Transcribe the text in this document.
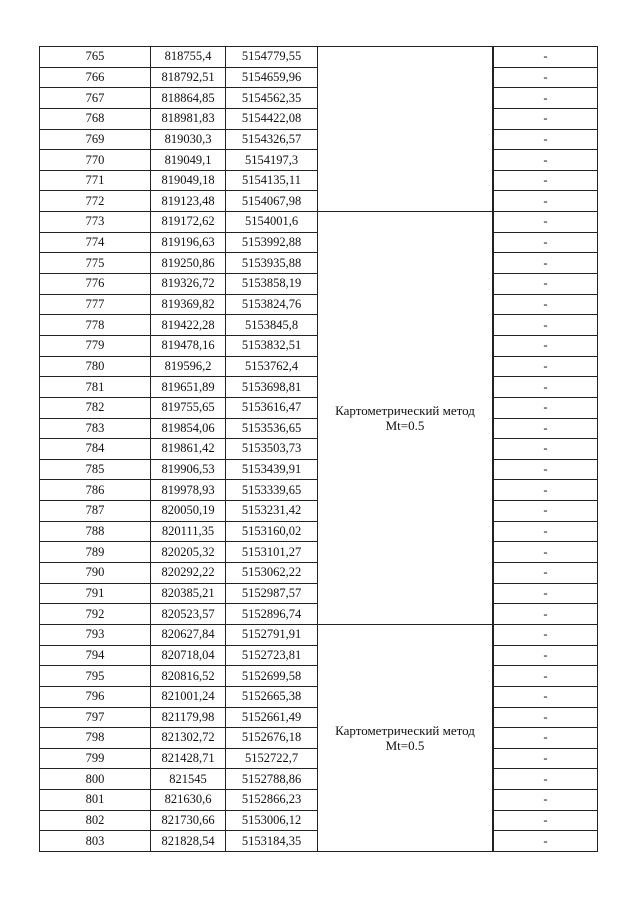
765	818755,4	5154779,55			-
766	818792,51	5154659,96		-
767	818864,85	5154562,35		-
768	818981,83	5154422,08		-
769	819030,3	5154326,57		-
770	819049,1	5154197,3		-
771	819049,18	5154135,11		-
772	819123,48	5154067,98		-
773	819172,62	5154001,6	Картометрический метод
Mt=0.5		-
774	819196,63	5153992,88		-
775	819250,86	5153935,88		-
776	819326,72	5153858,19		-
777	819369,82	5153824,76		-
778	819422,28	5153845,8		-
779	819478,16	5153832,51		-
780	819596,2	5153762,4		-
781	819651,89	5153698,81		-
782	819755,65	5153616,47		-
783	819854,06	5153536,65		-
784	819861,42	5153503,73		-
785	819906,53	5153439,91		-
786	819978,93	5153339,65		-
787	820050,19	5153231,42		-
788	820111,35	5153160,02		-
789	820205,32	5153101,27		-
790	820292,22	5153062,22		-
791	820385,21	5152987,57		-
792	820523,57	5152896,74		-
793	820627,84	5152791,91	Картометрический метод
Mt=0.5		-
794	820718,04	5152723,81		-
795	820816,52	5152699,58		-
796	821001,24	5152665,38		-
797	821179,98	5152661,49		-
798	821302,72	5152676,18		-
799	821428,71	5152722,7		-
800	821545	5152788,86		-
801	821630,6	5152866,23		-
802	821730,66	5153006,12		-
803	821828,54	5153184,35		-
